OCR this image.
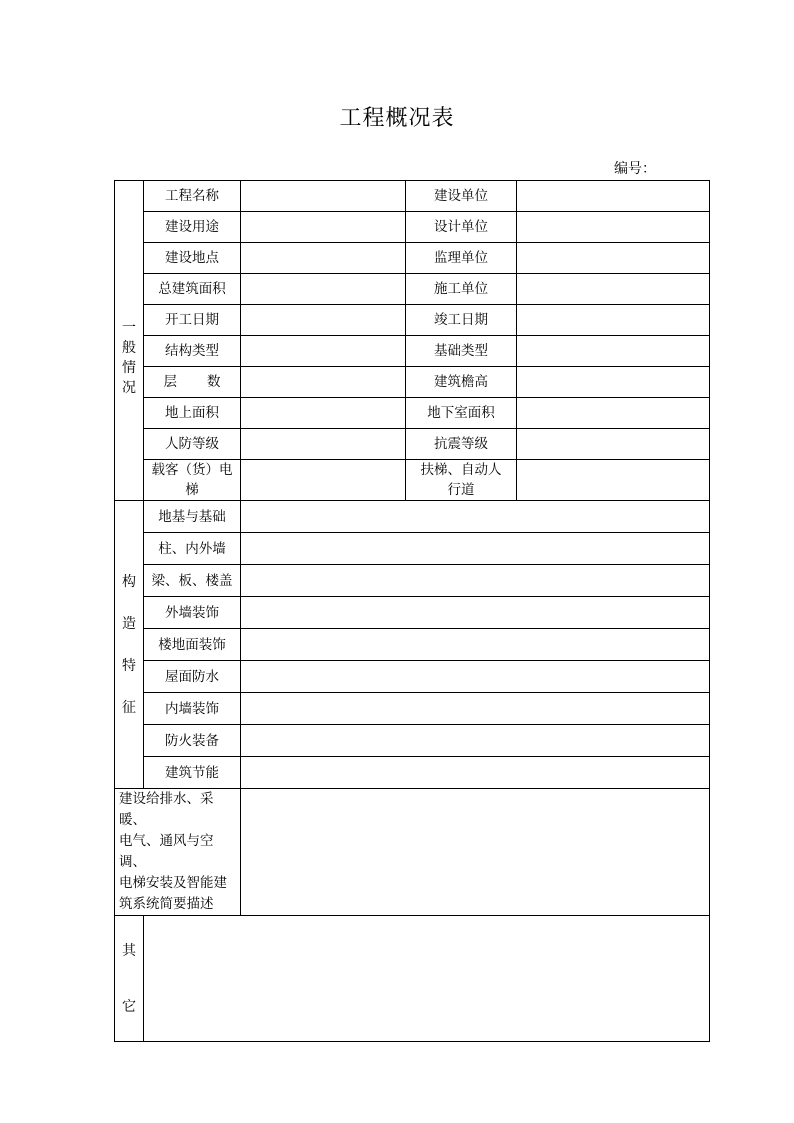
工程概况表
编号：
一
般
情
况	工程名称		建设单位	
	建设用途		设计单位	
	建设地点		监理单位	
	总建筑面积		施工单位	
	开工日期		竣工日期	
	结构类型		基础类型	
	层 数		建筑檐高	
	地上面积		地下室面积	
	人防等级		抗震等级	
	载客（货）电梯		扶梯、自动人行道	

构
造
特
征	地基与基础			
	柱、内外墙			
	梁、板、楼盖			
	外墙装饰			
	楼地面装饰			
	屋面防水			
	内墙装饰			
	防火装备			
	建筑节能			

建设给排水、采暖、
电气、通风与空调、
电梯安装及智能建
筑系统简要描述				

其
它				
